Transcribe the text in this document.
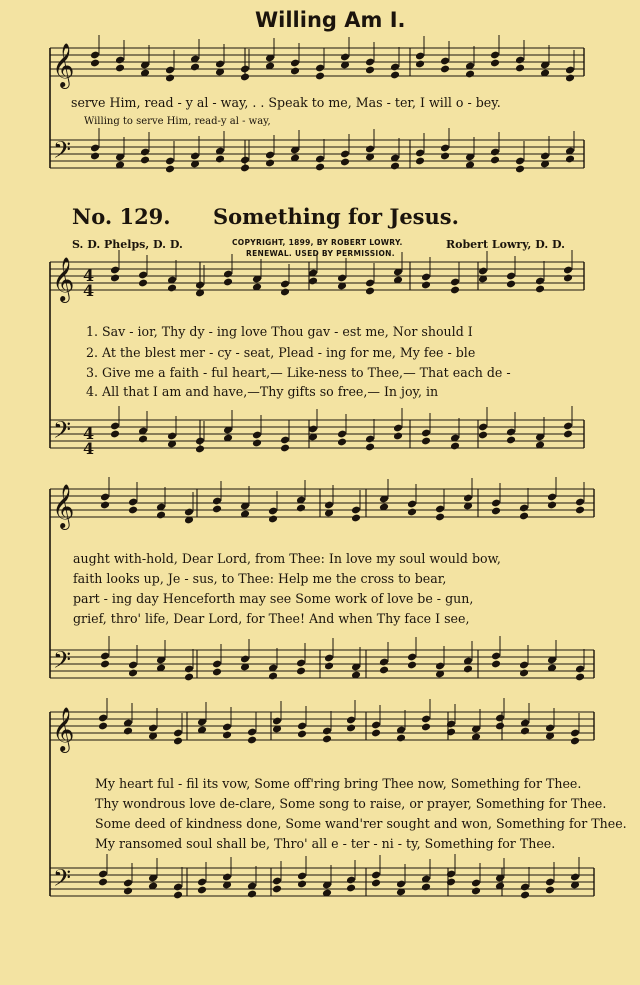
𝄞
𝄢
𝄞
𝄢
4
4
4
4
𝄞
𝄢
𝄞
𝄢
Willing Am I.
serve Him, read - y al - way, . . Speak to me, Mas - ter, I will o - bey.
Willing to serve Him, read-y al - way,
No. 129. Something for Jesus.
S. D. Phelps, D. D.	Robert Lowry, D. D.
COPYRIGHT, 1899, BY ROBERT LOWRY.
RENEWAL. USED BY PERMISSION.
1. Sav - ior, Thy dy - ing love Thou gav - est me, Nor should I
2. At the blest mer - cy - seat, Plead - ing for me, My fee - ble
3. Give me a faith - ful heart,— Like-ness to Thee,— That each de -
4. All that I am and have,—Thy gifts so free,— In joy, in
aught with-hold, Dear Lord, from Thee: In love my soul would bow,
faith looks up, Je - sus, to Thee: Help me the cross to bear,
part - ing day Henceforth may see Some work of love be - gun,
grief, thro' life, Dear Lord, for Thee! And when Thy face I see,
My heart ful - fil its vow, Some off'ring bring Thee now, Something for Thee.
Thy wondrous love de-clare, Some song to raise, or prayer, Something for Thee.
Some deed of kindness done, Some wand'rer sought and won, Something for Thee.
My ransomed soul shall be, Thro' all e - ter - ni - ty, Something for Thee.
